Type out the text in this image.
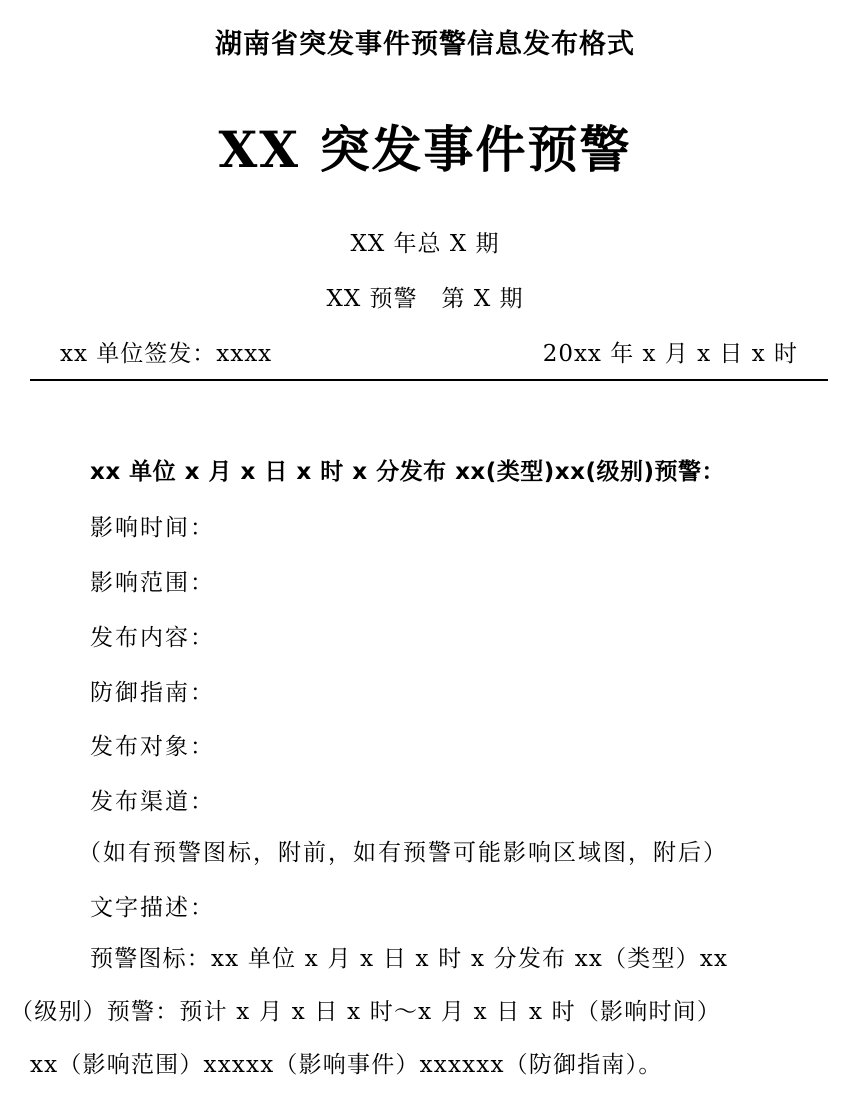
湖南省突发事件预警信息发布格式
XX 突发事件预警
XX 年总 X 期
XX 预警　第 X 期
xx 单位签发：xxxx	20xx 年 x 月 x 日 x 时
xx 单位 x 月 x 日 x 时 x 分发布 xx(类型)xx(级别)预警：
影响时间：
影响范围：
发布内容：
防御指南：
发布对象：
发布渠道：
（如有预警图标，附前，如有预警可能影响区域图，附后）
文字描述：
预警图标：xx 单位 x 月 x 日 x 时 x 分发布 xx（类型）xx
（级别）预警：预计 x 月 x 日 x 时～x 月 x 日 x 时（影响时间）
xx（影响范围）xxxxx（影响事件）xxxxxx（防御指南）。
